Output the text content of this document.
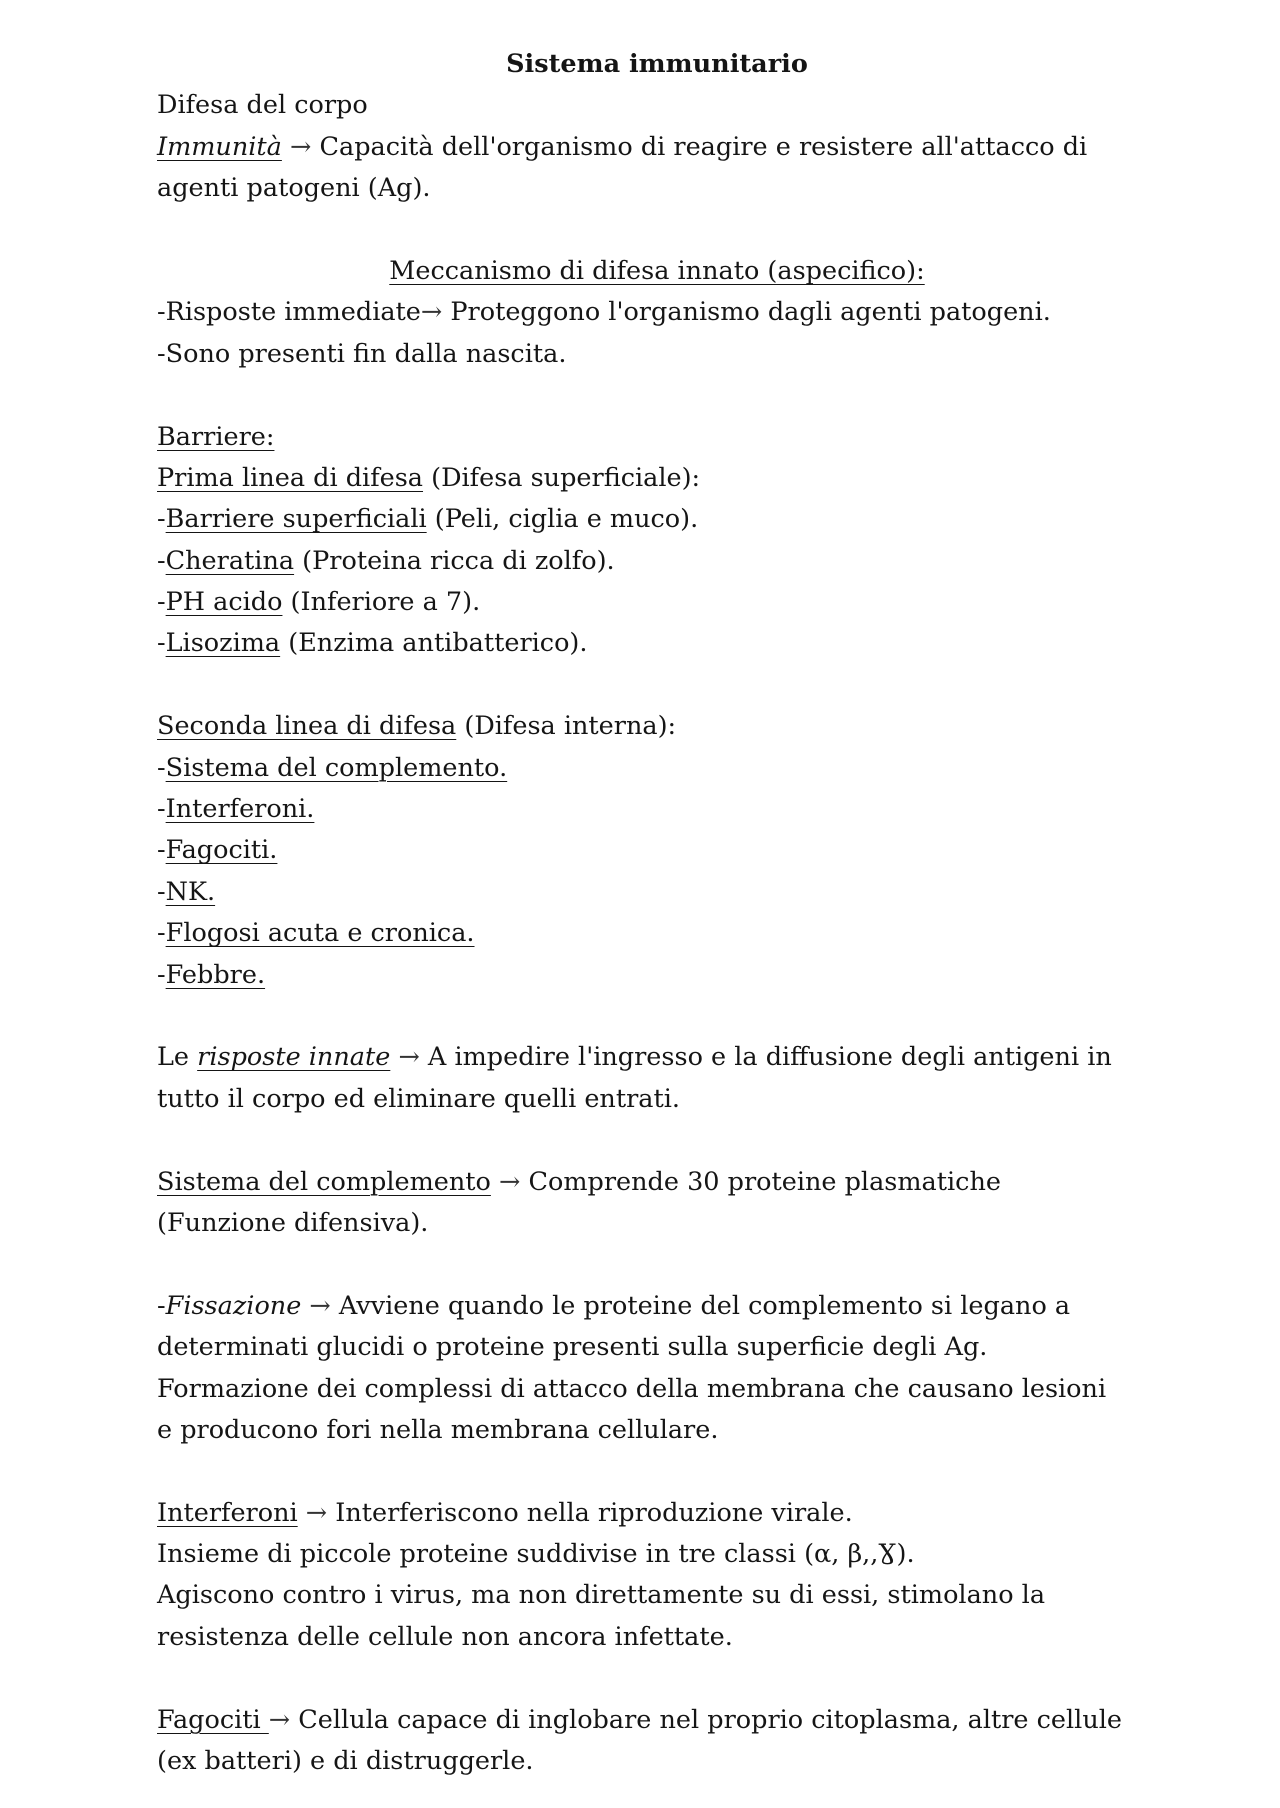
Sistema immunitario
Difesa del corpo
Immunità → Capacità dell'organismo di reagire e resistere all'attacco di
agenti patogeni (Ag).
Meccanismo di difesa innato (aspecifico):
-Risposte immediate→ Proteggono l'organismo dagli agenti patogeni.
-Sono presenti fin dalla nascita.
Barriere:
Prima linea di difesa (Difesa superficiale):
-Barriere superficiali (Peli, ciglia e muco).
-Cheratina (Proteina ricca di zolfo).
-PH acido (Inferiore a 7).
-Lisozima (Enzima antibatterico).
Seconda linea di difesa (Difesa interna):
-Sistema del complemento.
-Interferoni.
-Fagociti.
-NK.
-Flogosi acuta e cronica.
-Febbre.
Le risposte innate → A impedire l'ingresso e la diffusione degli antigeni in
tutto il corpo ed eliminare quelli entrati.
Sistema del complemento → Comprende 30 proteine plasmatiche
(Funzione difensiva).
-Fissazione → Avviene quando le proteine del complemento si legano a
determinati glucidi o proteine presenti sulla superficie degli Ag.
Formazione dei complessi di attacco della membrana che causano lesioni
e producono fori nella membrana cellulare.
Interferoni → Interferiscono nella riproduzione virale.
Insieme di piccole proteine suddivise in tre classi (α, β,,Ɣ).
Agiscono contro i virus, ma non direttamente su di essi, stimolano la
resistenza delle cellule non ancora infettate.
Fagociti → Cellula capace di inglobare nel proprio citoplasma, altre cellule
(ex batteri) e di distruggerle.
